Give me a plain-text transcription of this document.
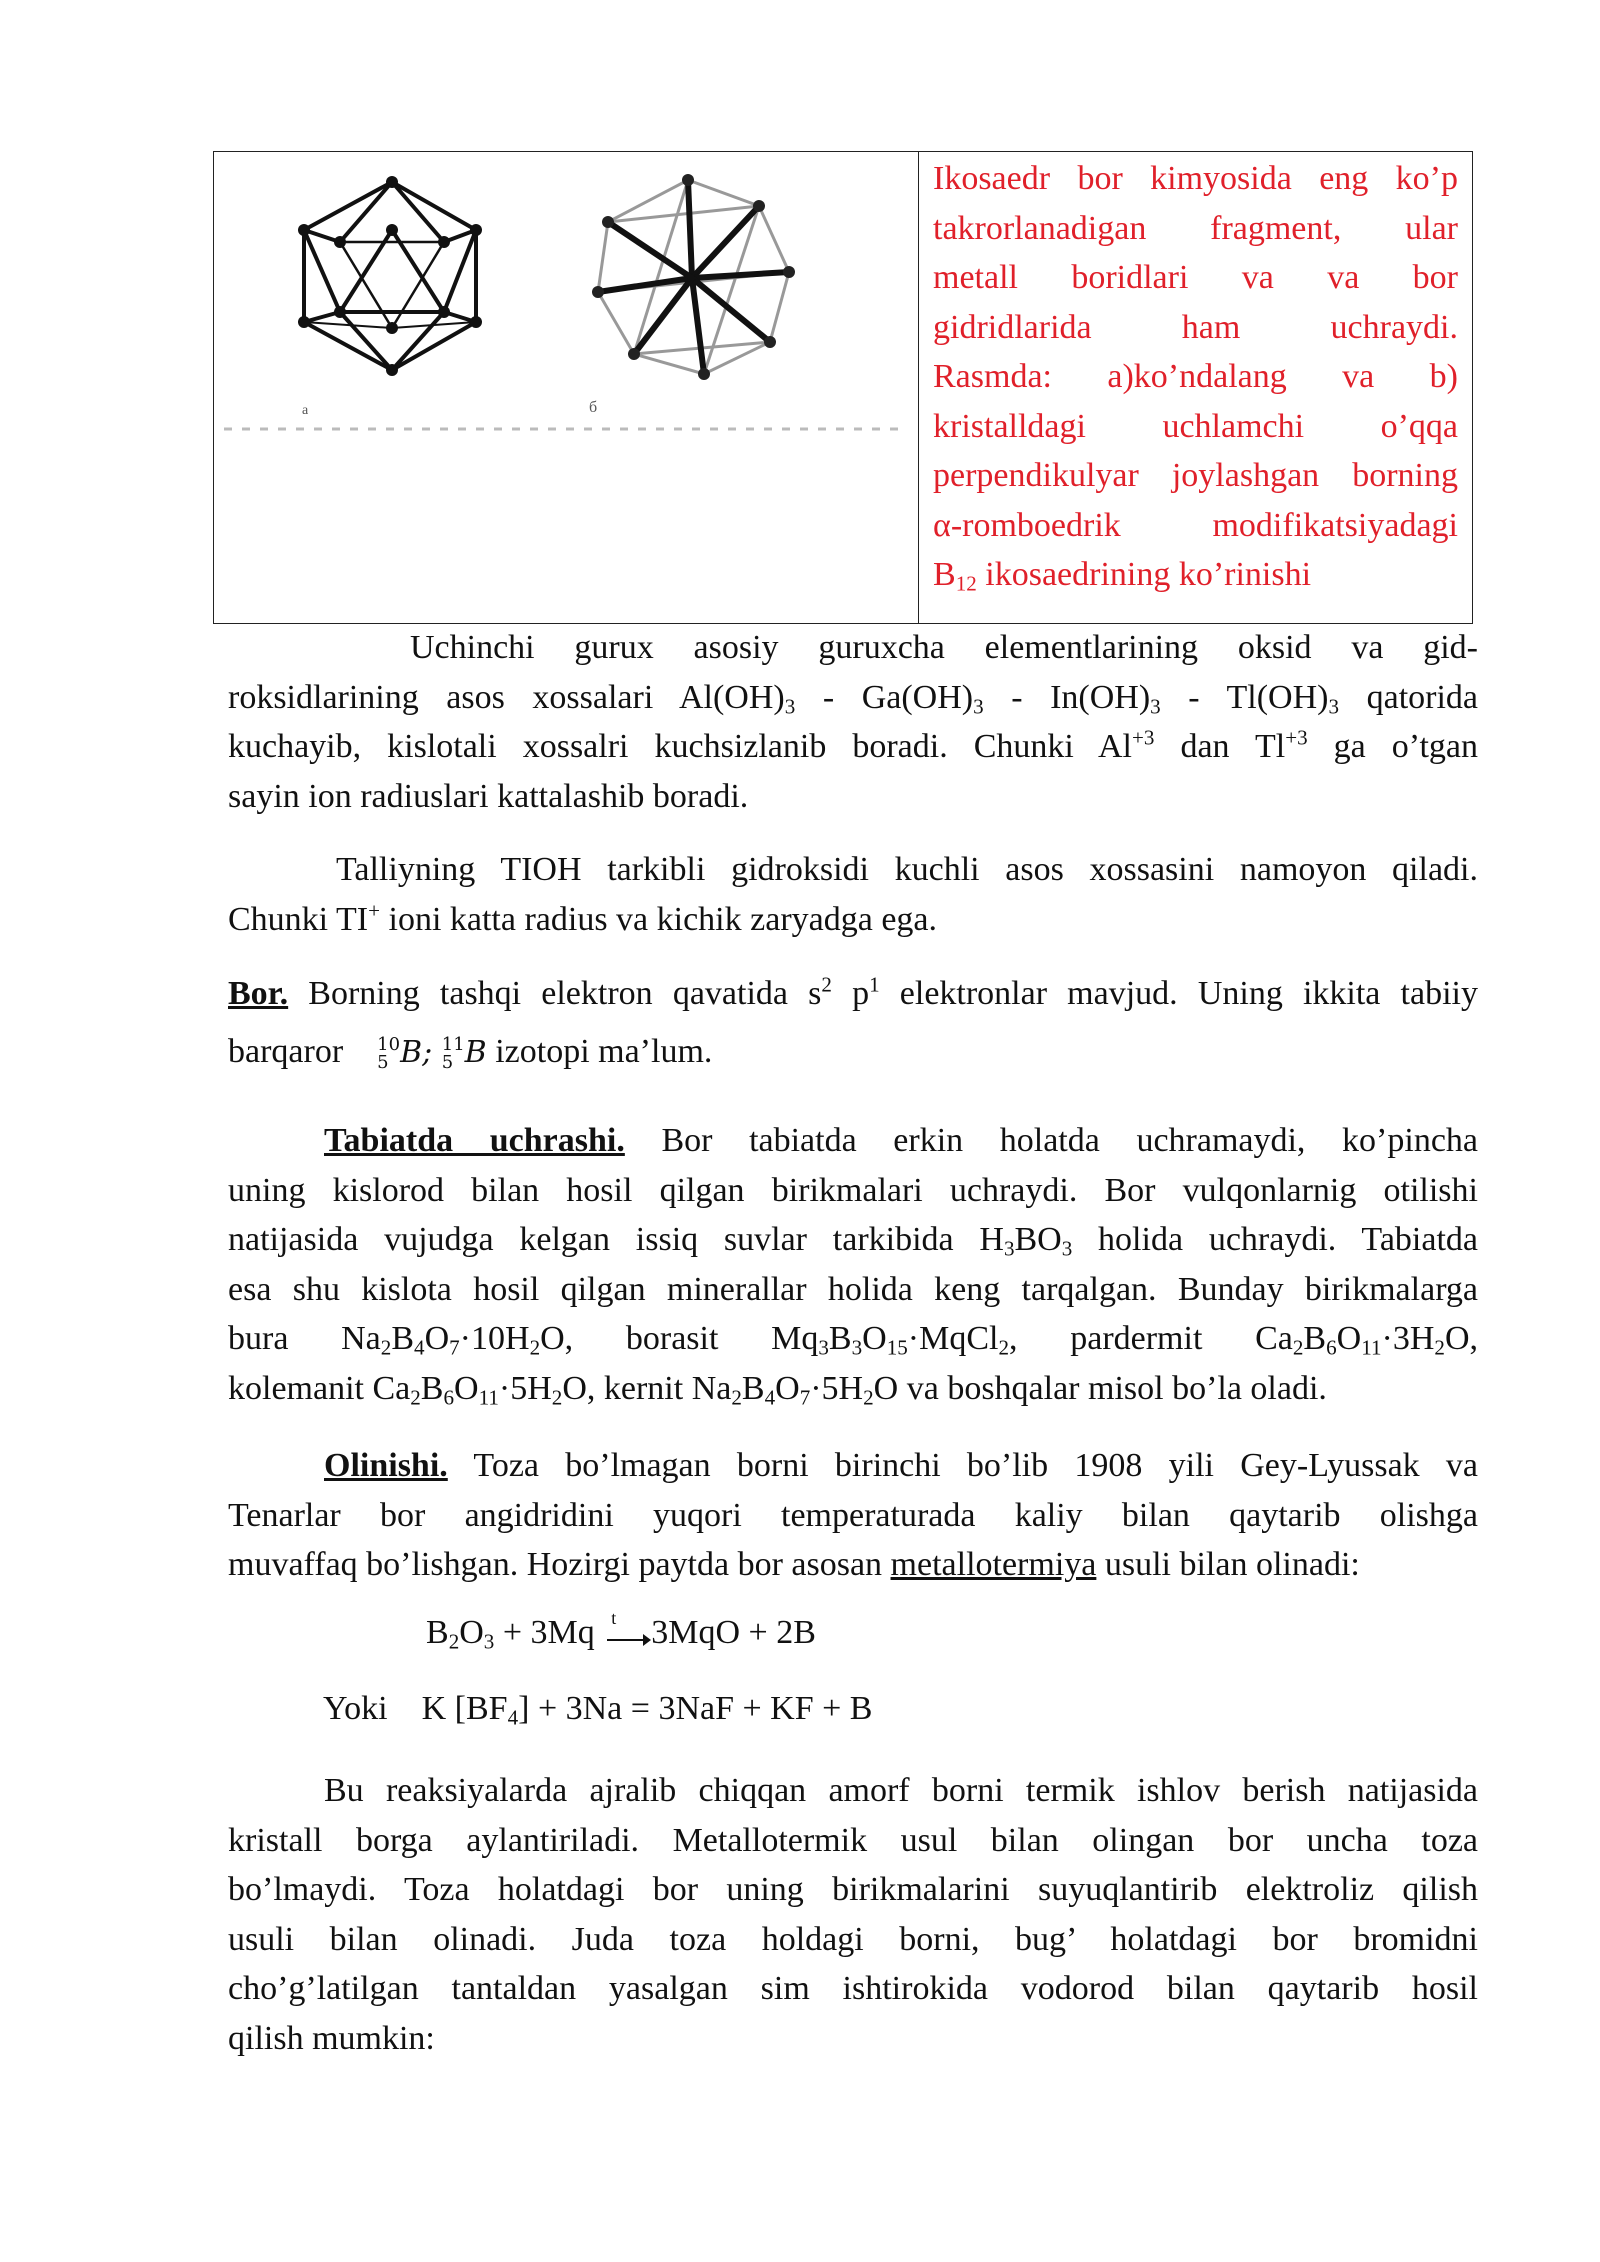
a	б
Ikosaedr bor kimyosida eng ko’p
takrorlanadigan fragment, ular
metall boridlari va va bor
gidridlarida ham uchraydi.
Rasmda: a)ko’ndalang va b)
kristalldagi uchlamchi o’qqa
perpendikulyar joylashgan borning
α-romboedrik modifikatsiyadagi
$B_{12}$ ikosaedrining ko’rinishi
Uchinchi gurux asosiy guruxcha elementlarining oksid va gid-
roksidlarining asos xossalari $Al(OH)_3 - Ga(OH)_3 - In(OH)_3 - Tl(OH)_3$ qatorida
kuchayib, kislotali xossalri kuchsizlanib boradi. Chunki $Al^{+3}$ dan $Tl^{+3}$ ga o’tgan
sayin ion radiuslari kattalashib boradi.
Talliyning TIOH tarkibli gidroksidi kuchli asos xossasini namoyon qiladi.
Chunki TI+ ioni katta radius va kichik zaryadga ega.
Bor. Borning tashqi elektron qavatida $s^2$ $p^1$ elektronlar mavjud. Uning ikkita tabiiy
barqaror 10
5 B; 11
5 B izotopi ma’lum.
Tabiatda uchrashi. Bor tabiatda erkin holatda uchramaydi, ko’pincha
uning kislorod bilan hosil qilgan birikmalari uchraydi. Bor vulqonlarnig otilishi
natijasida vujudga kelgan issiq suvlar tarkibida $H_3BO_3$ holida uchraydi. Tabiatda
esa shu kislota hosil qilgan minerallar holida keng tarqalgan. Bunday birikmalarga
bura $Na_2B_4O_7\cdot 10H_2O$, borasit $Mq_3B_3O_{15}\cdot MqCl_2$, pardermit $Ca_2B_6O_{11}\cdot 3H_2O$,
kolemanit $Ca_2B_6O_{11}\cdot 5H_2O$, kernit $Na_2B_4O_7\cdot 5H_2O$ va boshqalar misol bo’la oladi.
Olinishi. Toza bo’lmagan borni birinchi bo’lib 1908 yili Gey-Lyussak va
Tenarlar bor angidridini yuqori temperaturada kaliy bilan qaytarib olishga
muvaffaq bo’lishgan. Hozirgi paytda bor asosan metallotermiya usuli bilan olinadi:
$B_2O_3 + 3Mq$ t 3MqO + 2B
Yoki K $[BF_4] + 3Na = 3NaF$ + KF + B
Bu reaksiyalarda ajralib chiqqan amorf borni termik ishlov berish natijasida
kristall borga aylantiriladi. Metallotermik usul bilan olingan bor uncha toza
bo’lmaydi. Toza holatdagi bor uning birikmalarini suyuqlantirib elektroliz qilish
usuli bilan olinadi. Juda toza holdagi borni, bug’ holatdagi bor bromidni
cho’g’latilgan tantaldan yasalgan sim ishtirokida vodorod bilan qaytarib hosil
qilish mumkin:
